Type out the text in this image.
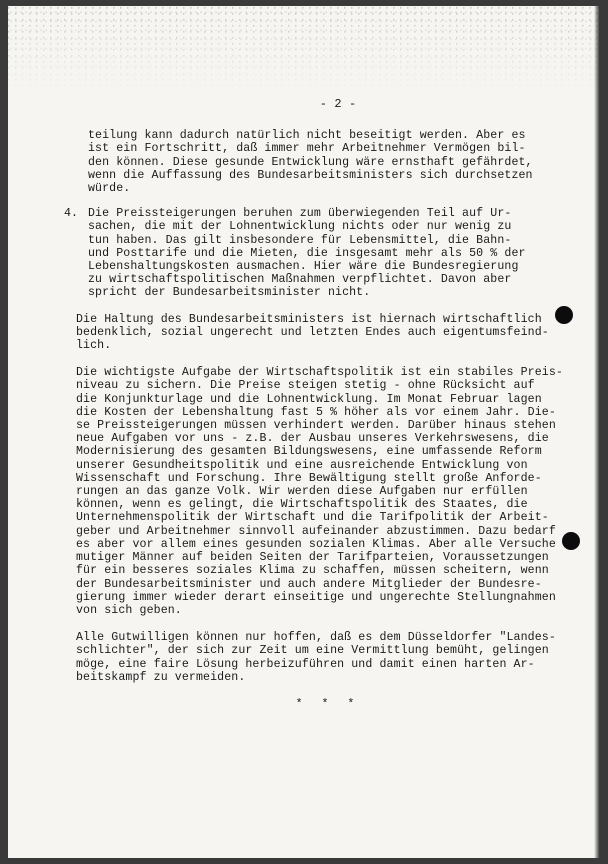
- 2 -
teilung kann dadurch natürlich nicht beseitigt werden. Aber es
ist ein Fortschritt, daß immer mehr Arbeitnehmer Vermögen bil-
den können. Diese gesunde Entwicklung wäre ernsthaft gefährdet,
wenn die Auffassung des Bundesarbeitsministers sich durchsetzen
würde.
4. Die Preissteigerungen beruhen zum überwiegenden Teil auf Ur-
sachen, die mit der Lohnentwicklung nichts oder nur wenig zu
tun haben. Das gilt insbesondere für Lebensmittel, die Bahn-
und Posttarife und die Mieten, die insgesamt mehr als 50 % der
Lebenshaltungskosten ausmachen. Hier wäre die Bundesregierung
zu wirtschaftspolitischen Maßnahmen verpflichtet. Davon aber
spricht der Bundesarbeitsminister nicht.
Die Haltung des Bundesarbeitsministers ist hiernach wirtschaftlich
bedenklich, sozial ungerecht und letzten Endes auch eigentumsfeind-
lich.
Die wichtigste Aufgabe der Wirtschaftspolitik ist ein stabiles Preis-
niveau zu sichern. Die Preise steigen stetig - ohne Rücksicht auf
die Konjunkturlage und die Lohnentwicklung. Im Monat Februar lagen
die Kosten der Lebenshaltung fast 5 % höher als vor einem Jahr. Die-
se Preissteigerungen müssen verhindert werden. Darüber hinaus stehen
neue Aufgaben vor uns - z.B. der Ausbau unseres Verkehrswesens, die
Modernisierung des gesamten Bildungswesens, eine umfassende Reform
unserer Gesundheitspolitik und eine ausreichende Entwicklung von
Wissenschaft und Forschung. Ihre Bewältigung stellt große Anforde-
rungen an das ganze Volk. Wir werden diese Aufgaben nur erfüllen
können, wenn es gelingt, die Wirtschaftspolitik des Staates, die
Unternehmenspolitik der Wirtschaft und die Tarifpolitik der Arbeit-
geber und Arbeitnehmer sinnvoll aufeinander abzustimmen. Dazu bedarf
es aber vor allem eines gesunden sozialen Klimas. Aber alle Versuche
mutiger Männer auf beiden Seiten der Tarifparteien, Voraussetzungen
für ein besseres soziales Klima zu schaffen, müssen scheitern, wenn
der Bundesarbeitsminister und auch andere Mitglieder der Bundesre-
gierung immer wieder derart einseitige und ungerechte Stellungnahmen
von sich geben.
Alle Gutwilligen können nur hoffen, daß es dem Düsseldorfer "Landes-
schlichter", der sich zur Zeit um eine Vermittlung bemüht, gelingen
möge, eine faire Lösung herbeizuführen und damit einen harten Ar-
beitskampf zu vermeiden.
* * *
